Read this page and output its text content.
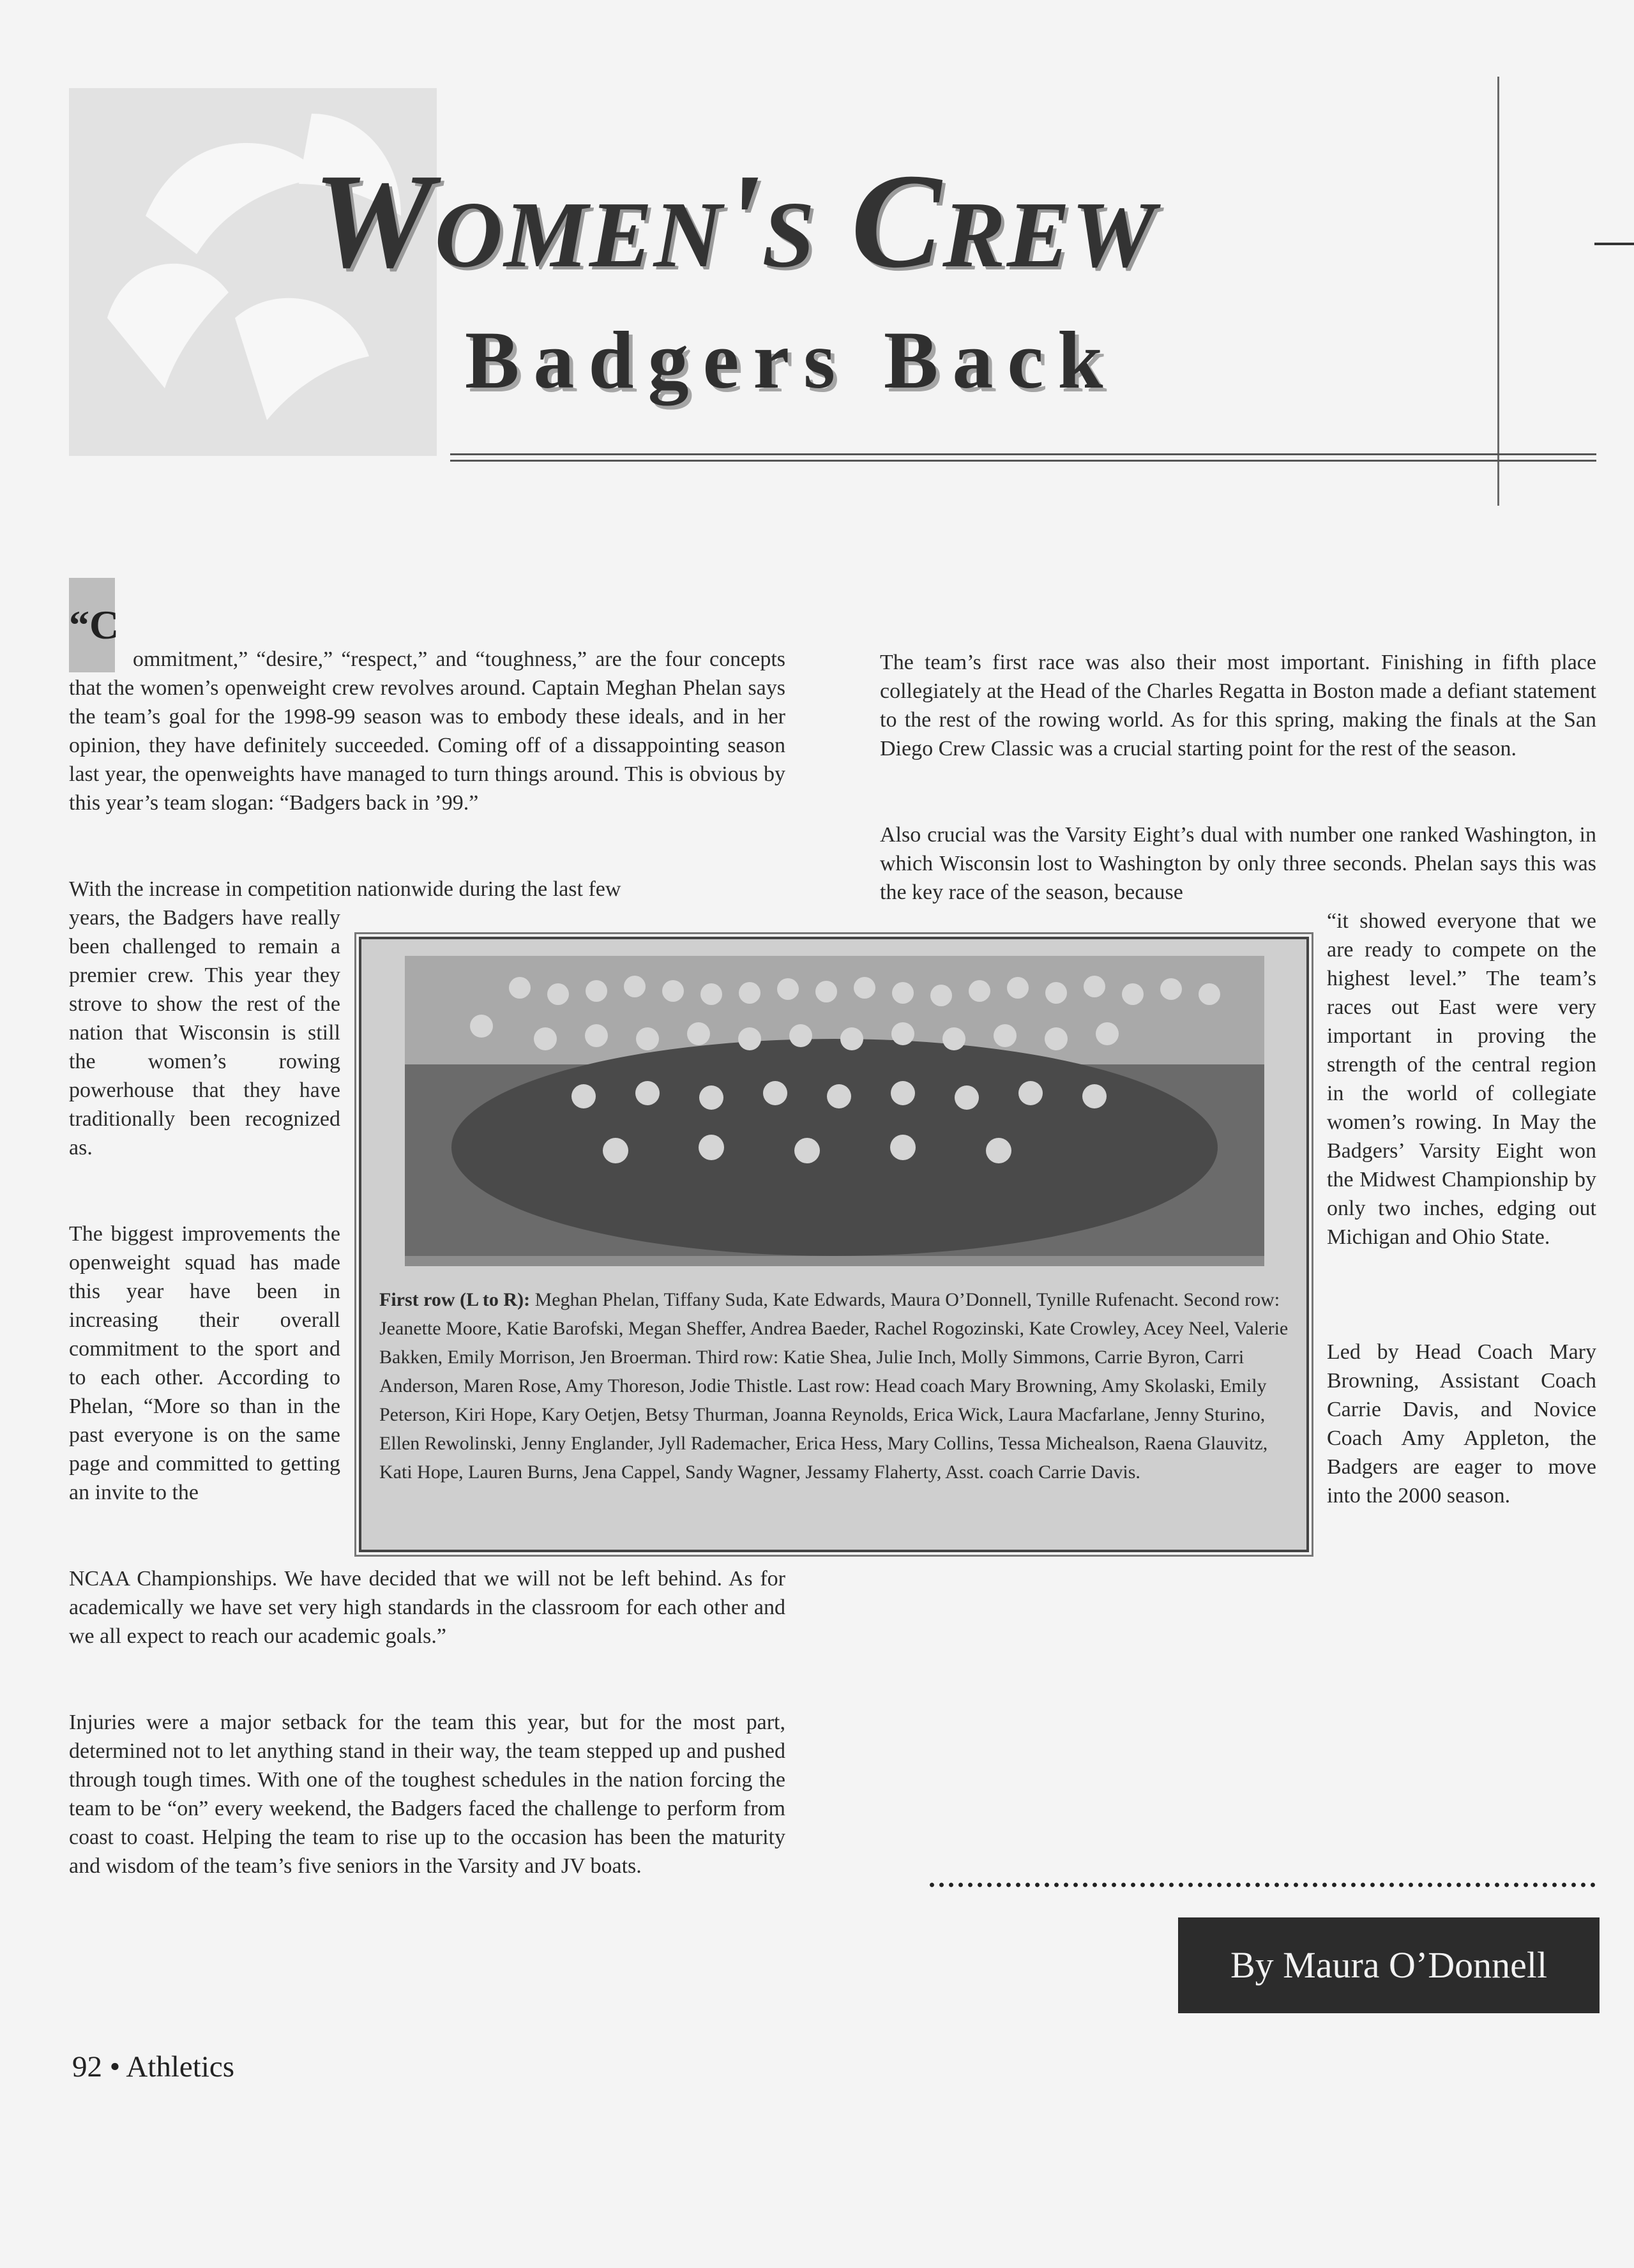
Women's Crew
Badgers Back
“C

ommitment,” “desire,” “respect,” and “toughness,” are the four concepts that the women’s openweight crew revolves around. Captain Meghan Phelan says the team’s goal for the 1998-99 season was to embody these ideals, and in her opinion, they have definitely succeeded. Coming off of a dissappointing season last year, the openweights have managed to turn things around. This is obvious by this year’s team slogan: “Badgers back in ’99.”

With the increase in competition nationwide during the last few

years, the Badgers have really been challenged to remain a premier crew. This year they strove to show the rest of the nation that Wisconsin is still the women’s rowing powerhouse that they have traditionally been recognized as.

The biggest improvements the openweight squad has made this year have been in increasing their overall commitment to the sport and to each other. According to Phelan, “More so than in the past everyone is on the same page and committed to getting an invite to the

NCAA Championships. We have decided that we will not be left behind. As for academically we have set very high standards in the classroom for each other and we all expect to reach our academic goals.”

Injuries were a major setback for the team this year, but for the most part, determined not to let anything stand in their way, the team stepped up and pushed through tough times. With one of the toughest schedules in the nation forcing the team to be “on” every weekend, the Badgers faced the challenge to perform from coast to coast. Helping the team to rise up to the occasion has been the maturity and wisdom of the team’s five seniors in the Varsity and JV boats.

The team’s first race was also their most important. Finishing in fifth place collegiately at the Head of the Charles Regatta in Boston made a defiant statement to the rest of the rowing world. As for this spring, making the finals at the San Diego Crew Classic was a crucial starting point for the rest of the season.

Also crucial was the Varsity Eight’s dual with number one ranked Washington, in which Wisconsin lost to Washington by only three seconds. Phelan says this was the key race of the season, because

“it showed everyone that we are ready to compete on the highest level.” The team’s races out East were very important in proving the strength of the central region in the world of collegiate women’s rowing. In May the Badgers’ Varsity Eight won the Midwest Championship by only two inches, edging out Michigan and Ohio State.

Led by Head Coach Mary Browning, Assistant Coach Carrie Davis, and Novice Coach Amy Appleton, the Badgers are eager to move into the 2000 season.

First row (L to R): Meghan Phelan, Tiffany Suda, Kate Edwards, Maura O’Donnell, Tynille Rufenacht. Second row: Jeanette Moore, Katie Barofski, Megan Sheffer, Andrea Baeder, Rachel Rogozinski, Kate Crowley, Acey Neel, Valerie Bakken, Emily Morrison, Jen Broerman. Third row: Katie Shea, Julie Inch, Molly Simmons, Carrie Byron, Carri Anderson, Maren Rose, Amy Thoreson, Jodie Thistle. Last row: Head coach Mary Browning, Amy Skolaski, Emily Peterson, Kiri Hope, Kary Oetjen, Betsy Thurman, Joanna Reynolds, Erica Wick, Laura Macfarlane, Jenny Sturino, Ellen Rewolinski, Jenny Englander, Jyll Rademacher, Erica Hess, Mary Collins, Tessa Michealson, Raena Glauvitz, Kati Hope, Lauren Burns, Jena Cappel, Sandy Wagner, Jessamy Flaherty, Asst. coach Carrie Davis.

By Maura O’Donnell
92 • Athletics
